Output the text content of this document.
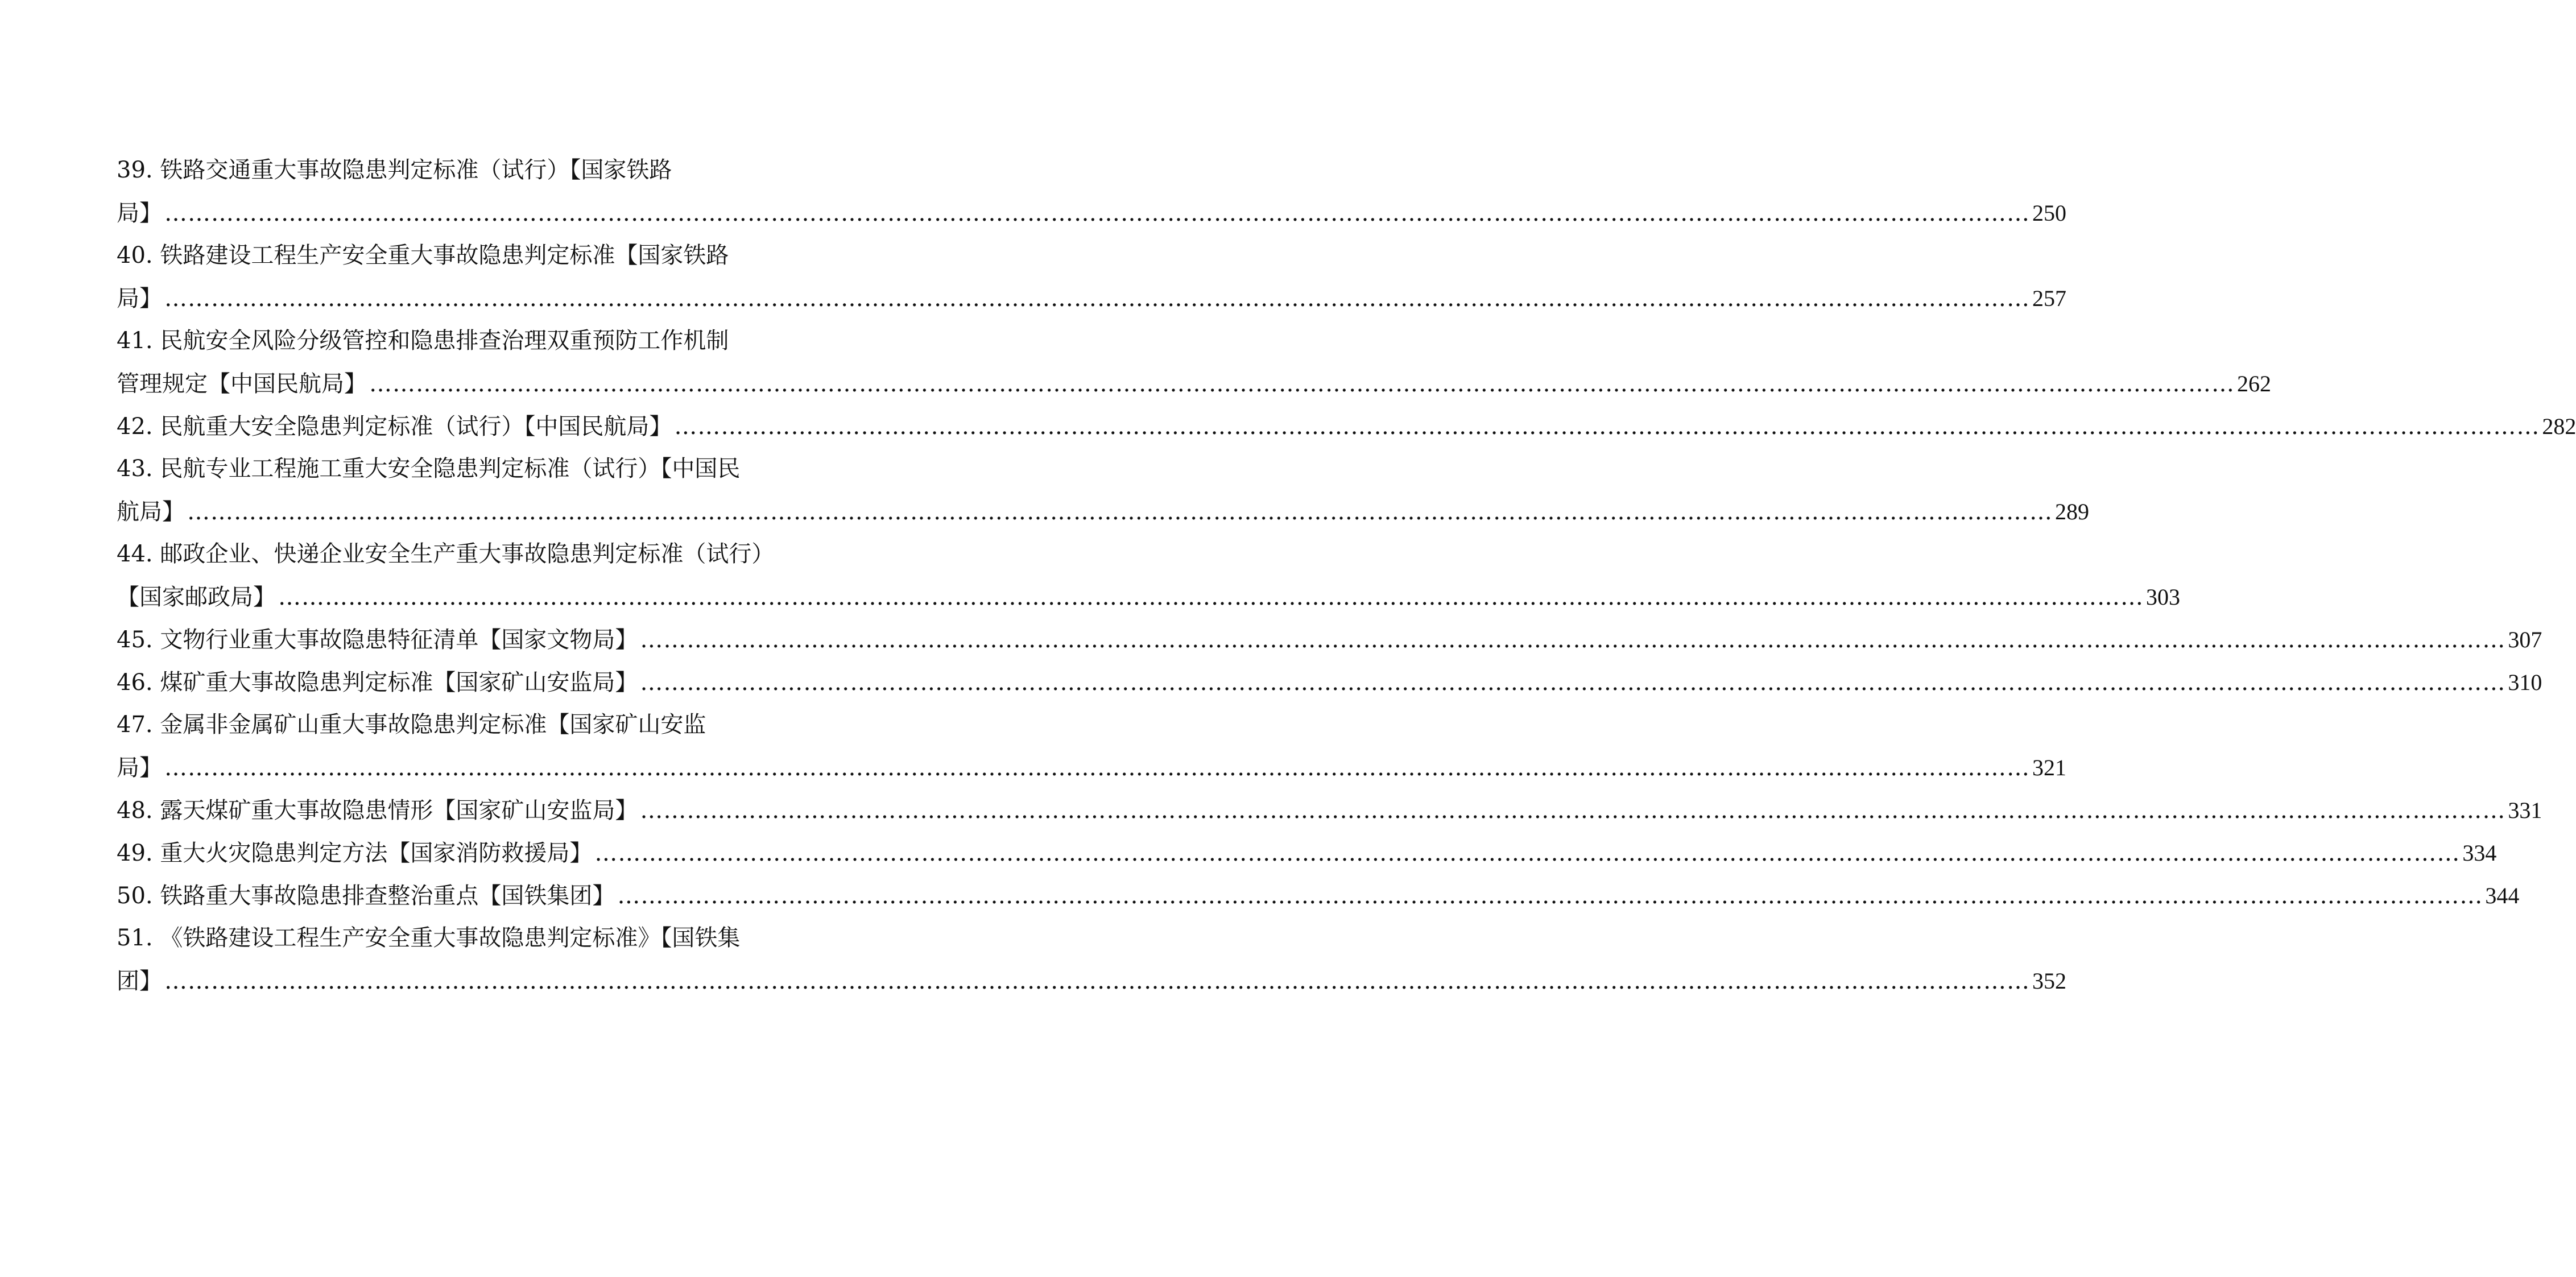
39. 铁路交通重大事故隐患判定标准（试行）【国家铁路
局】 …………………………………………………………………………………………………………………………………………………………………………………………………………………… 250
40. 铁路建设工程生产安全重大事故隐患判定标准【国家铁路
局】 …………………………………………………………………………………………………………………………………………………………………………………………………………………… 257
41. 民航安全风险分级管控和隐患排查治理双重预防工作机制
管理规定【中国民航局】 …………………………………………………………………………………………………………………………………………………………………………………………………………………… 262
42. 民航重大安全隐患判定标准（试行）【中国民航局】 …………………………………………………………………………………………………………………………………………………………………………………………………………………… 282
43. 民航专业工程施工重大安全隐患判定标准（试行）【中国民
航局】 …………………………………………………………………………………………………………………………………………………………………………………………………………………… 289
44. 邮政企业、快递企业安全生产重大事故隐患判定标准（试行）
【国家邮政局】 …………………………………………………………………………………………………………………………………………………………………………………………………………………… 303
45. 文物行业重大事故隐患特征清单【国家文物局】 …………………………………………………………………………………………………………………………………………………………………………………………………………………… 307
46. 煤矿重大事故隐患判定标准【国家矿山安监局】 …………………………………………………………………………………………………………………………………………………………………………………………………………………… 310
47. 金属非金属矿山重大事故隐患判定标准【国家矿山安监
局】 …………………………………………………………………………………………………………………………………………………………………………………………………………………… 321
48. 露天煤矿重大事故隐患情形【国家矿山安监局】 …………………………………………………………………………………………………………………………………………………………………………………………………………………… 331
49. 重大火灾隐患判定方法【国家消防救援局】 …………………………………………………………………………………………………………………………………………………………………………………………………………………… 334
50. 铁路重大事故隐患排查整治重点【国铁集团】 …………………………………………………………………………………………………………………………………………………………………………………………………………………… 344
51. 《铁路建设工程生产安全重大事故隐患判定标准》【国铁集
团】 …………………………………………………………………………………………………………………………………………………………………………………………………………………… 352
